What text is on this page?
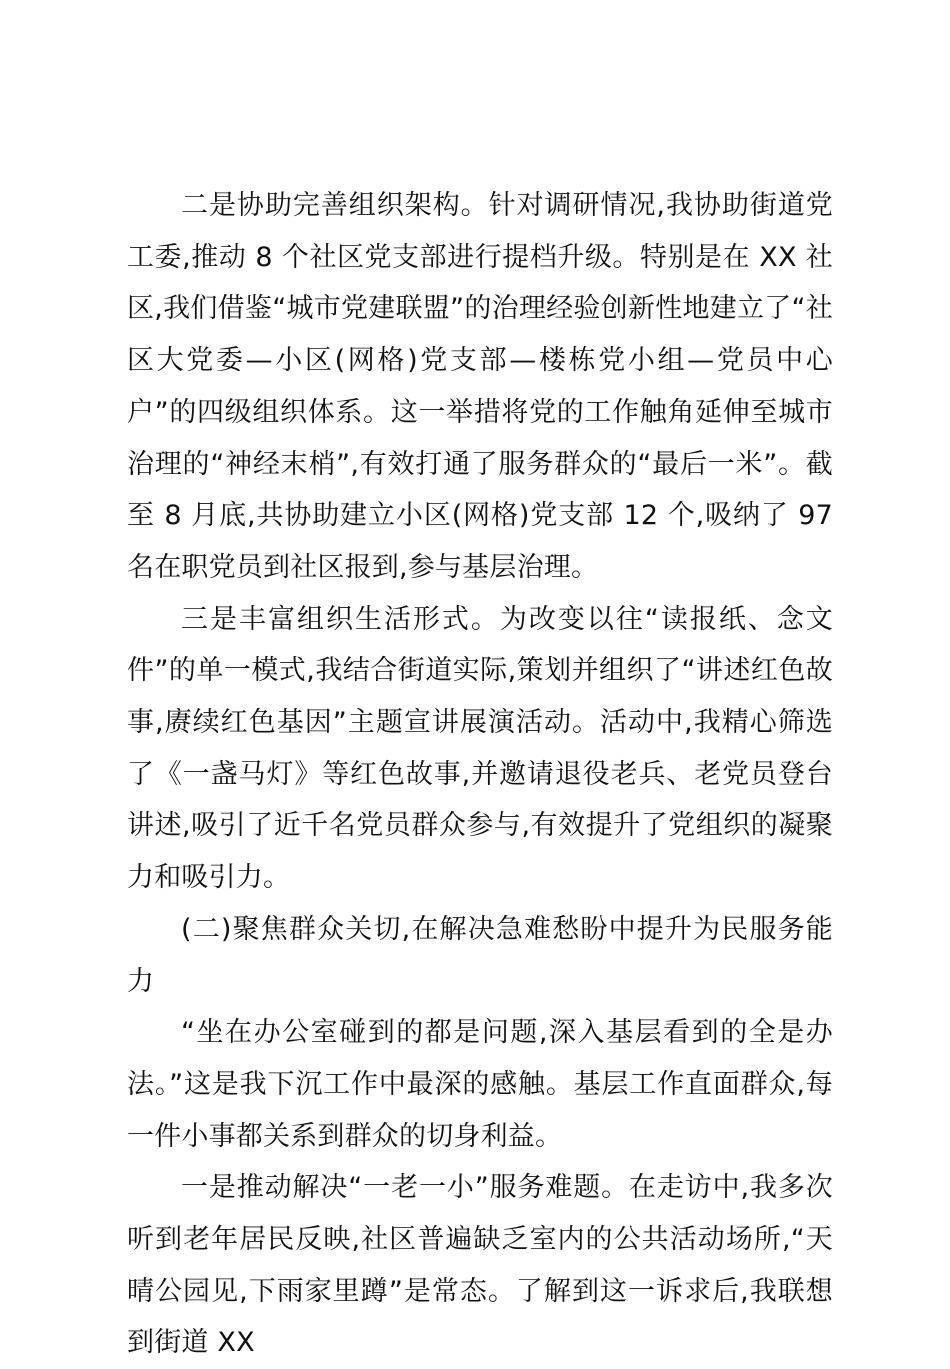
二是协助完善组织架构。针对调研情况,我协助街道党工委,推动 8 个社区党支部进行提档升级。特别是在 XX 社区,我们借鉴“城市党建联盟”的治理经验创新性地建立了“社区大党委—小区(网格)党支部—楼栋党小组—党员中心户”的四级组织体系。这一举措将党的工作触角延伸至城市治理的“神经末梢”,有效打通了服务群众的“最后一米”。截至 8 月底,共协助建立小区(网格)党支部 12 个,吸纳了 97 名在职党员到社区报到,参与基层治理。

三是丰富组织生活形式。为改变以往“读报纸、念文件”的单一模式,我结合街道实际,策划并组织了“讲述红色故事,赓续红色基因”主题宣讲展演活动。活动中,我精心筛选了《一盏马灯》等红色故事,并邀请退役老兵、老党员登台讲述,吸引了近千名党员群众参与,有效提升了党组织的凝聚力和吸引力。

(二)聚焦群众关切,在解决急难愁盼中提升为民服务能力

“坐在办公室碰到的都是问题,深入基层看到的全是办法。”这是我下沉工作中最深的感触。基层工作直面群众,每一件小事都关系到群众的切身利益。

一是推动解决“一老一小”服务难题。在走访中,我多次听到老年居民反映,社区普遍缺乏室内的公共活动场所,“天晴公园见,下雨家里蹲”是常态。了解到这一诉求后,我联想到街道 XX
